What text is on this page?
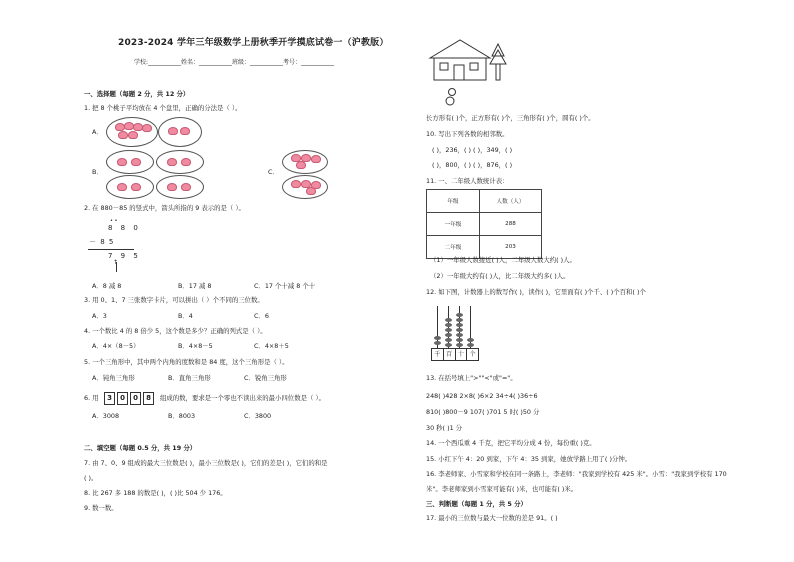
2023-2024 学年三年级数学上册秋季开学摸底试卷一（沪教版）
学校:___________姓名：___________班级：___________考号：___________
一、选择题（每题 2 分，共 12 分）
1. 把 8 个桃子平均放在 4 个盘里，正确的分法是（ ）。
A．
B．	C．
2. 在 880－85 的竖式中，箭头所指的 9 表示的是（ ）。
• •
8 8 0
－ 8 5
7 9 5
↑
A．8 减 8	B．17 减 8	C．17 个十减 8 个十
3. 用 0、1、7 三张数字卡片，可以拼出（ ）个不同的三位数。
A．3	B．4	C．6
4. 一个数比 4 的 8 倍少 5，这个数是多少？正确的列式是（ ）。
A．4×（8－5）	B．4×8－5	C．4×8＋5
5. 一个三角形中，其中两个内角的度数和是 84 度，这个三角形是（ ）。
A．钝角三角形	B．直角三角形	C．锐角三角形
6. 用	3	0	0	8	组成的数，要求是一个零也不读出来的最小四位数是（ ）。
A．3008	B．8003	C．3800
二、填空题（每题 0.5 分，共 19 分）
7. 由 7、0、9 组成的最大三位数是( )，最小三位数是( )，它们的差是( )，它们的和是
( )。
8. 比 267 多 188 的数是( )，( )比 504 少 176。
9. 数一数。
长方形有( )个，正方形有( )个，三角形有( )个，圆有( )个。
10. 写出下列各数的相邻数。
( )，236，( ) ( )，349，( )
( )，800，( ) ( )，876，( )
11. 一、二年级人数统计表：
年级	人数（人）
一年级	288
二年级	203
（1）一年级人数接近( )人，二年级人数大约( )人。
（2）一年级大约有( )人，比二年级大约多( )人。
12. 如下图，计数器上的数写作( )，读作( )，它里面有( )个千、( )个百和( )个
千 百 十 个
13. 在括号填上">""<"或"="。
248( )428 2×8( )6×2 34÷4( )36÷6
810( )800－9 107( )701 5 时( )50 分
30 秒( )1 分
14. 一个西瓜重 4 千克，把它平均分成 4 份，每份重( )克。
15. 小红下午 4：20 到家，下午 4：35 到家，她放学路上用了( )分钟。
16. 李老师家、小雪家和学校在同一条路上，李老师："我家到学校有 425 米"。小雪："我家到学校有 170
米"。李老师家到小雪家可能有( )米，也可能有( )米。
三、判断题（每题 1 分，共 5 分）
17. 最小的三位数与最大一位数的差是 91。( )
